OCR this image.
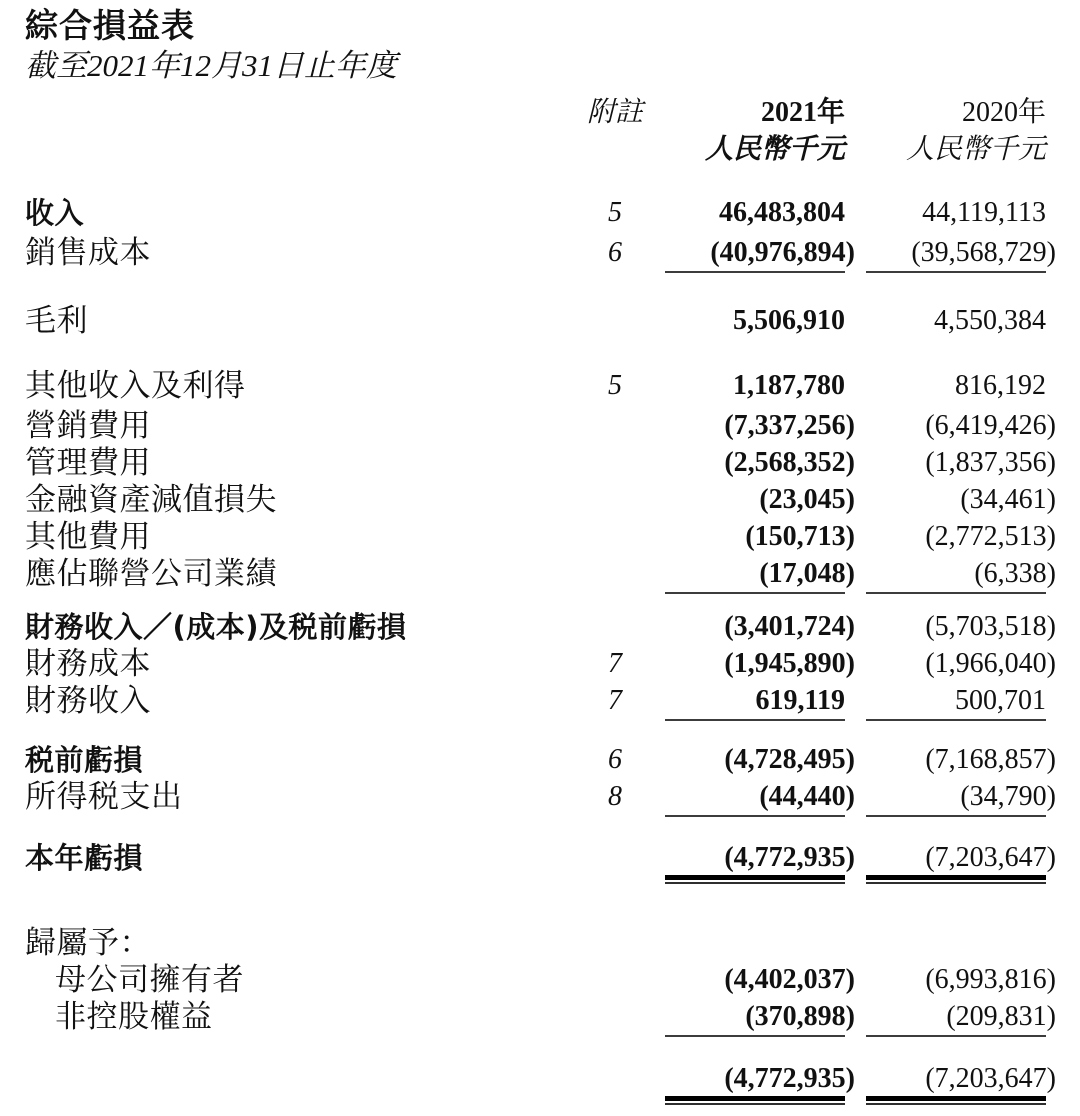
綜合損益表
截至2021年12月31日止年度
附註	2021年	2020年
人民幣千元	人民幣千元
收入	5	46,483,804	44,119,113
銷售成本	6	(40,976,894)	(39,568,729)
毛利	5,506,910	4,550,384
其他收入及利得	5	1,187,780	816,192
營銷費用	(7,337,256)	(6,419,426)
管理費用	(2,568,352)	(1,837,356)
金融資產減值損失	(23,045)	(34,461)
其他費用	(150,713)	(2,772,513)
應佔聯營公司業績	(17,048)	(6,338)
財務收入／(成本)及税前虧損	(3,401,724)	(5,703,518)
財務成本	7	(1,945,890)	(1,966,040)
財務收入	7	619,119	500,701
税前虧損	6	(4,728,495)	(7,168,857)
所得税支出	8	(44,440)	(34,790)
本年虧損	(4,772,935)	(7,203,647)
歸屬予：
母公司擁有者	(4,402,037)	(6,993,816)
非控股權益	(370,898)	(209,831)
(4,772,935)	(7,203,647)
